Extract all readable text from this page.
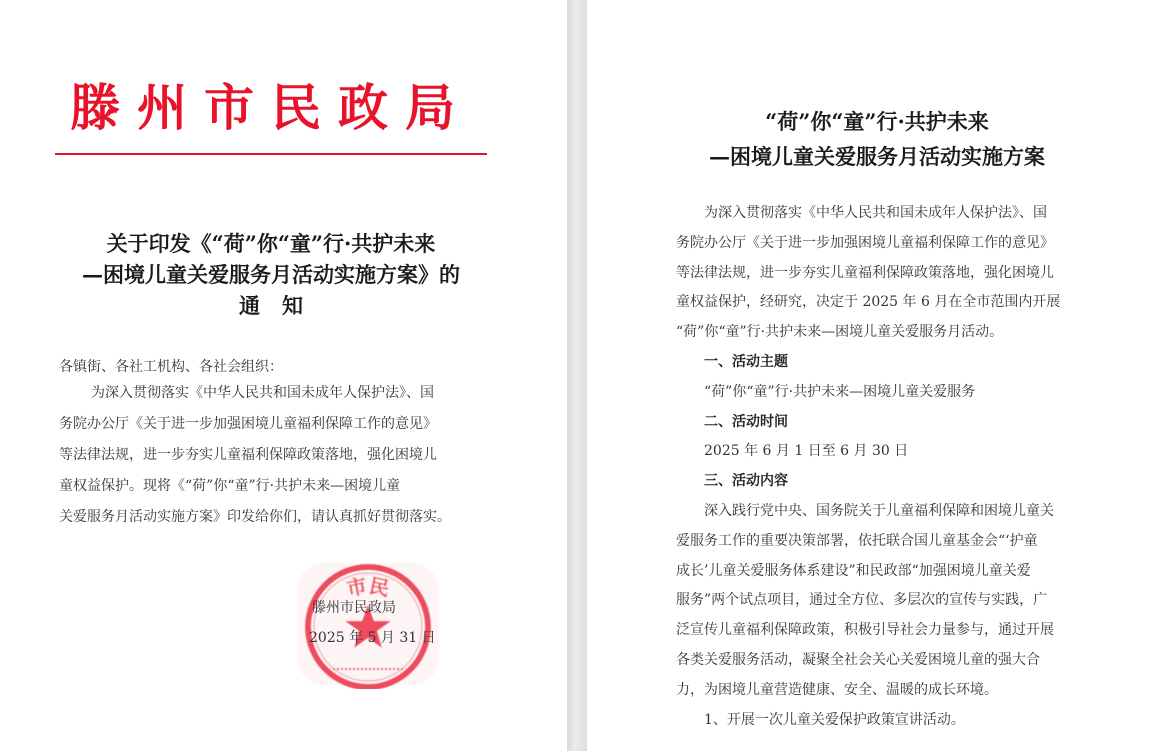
滕州市民政局
关于印发《“荷”你“童”行·共护未来
—困境儿童关爱服务月活动实施方案》的
通知
各镇街、各社工机构、各社会组织：
为深入贯彻落实《中华人民共和国未成年人保护法》、国
务院办公厅《关于进一步加强困境儿童福利保障工作的意见》
等法律法规，进一步夯实儿童福利保障政策落地，强化困境儿
童权益保护。现将《“荷”你“童”行·共护未来—困境儿童
关爱服务月活动实施方案》印发给你们，请认真抓好贯彻落实。
市民
滕州市民政局
2025 年 5 月 31 日
“荷”你“童”行·共护未来
—困境儿童关爱服务月活动实施方案
为深入贯彻落实《中华人民共和国未成年人保护法》、国
务院办公厅《关于进一步加强困境儿童福利保障工作的意见》
等法律法规，进一步夯实儿童福利保障政策落地，强化困境儿
童权益保护，经研究，决定于 2025 年 6 月在全市范围内开展
“荷”你“童”行·共护未来—困境儿童关爱服务月活动。
一、活动主题
“荷”你“童”行·共护未来—困境儿童关爱服务
二、活动时间
2025 年 6 月 1 日至 6 月 30 日
三、活动内容
深入践行党中央、国务院关于儿童福利保障和困境儿童关
爱服务工作的重要决策部署，依托联合国儿童基金会“‘护童
成长’儿童关爱服务体系建设”和民政部“加强困境儿童关爱
服务”两个试点项目，通过全方位、多层次的宣传与实践，广
泛宣传儿童福利保障政策，积极引导社会力量参与，通过开展
各类关爱服务活动，凝聚全社会关心关爱困境儿童的强大合
力，为困境儿童营造健康、安全、温暖的成长环境。
1、开展一次儿童关爱保护政策宣讲活动。
